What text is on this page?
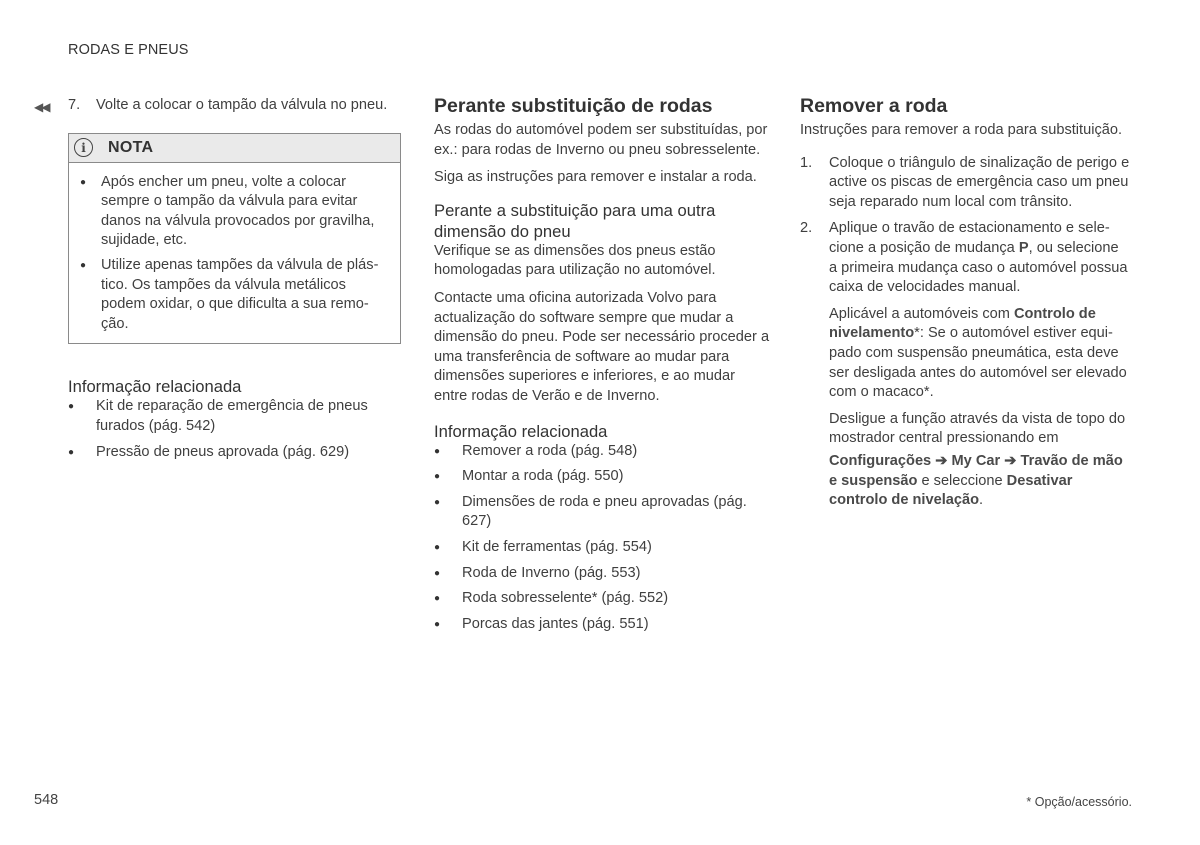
RODAS E PNEUS
◀◀ 7.	Volte a colocar o tampão da válvula no pneu.
i	NOTA
●	Após encher um pneu, volte a colocar sempre o tampão da válvula para evitar danos na válvula provocados por gravilha, sujidade, etc.
●	Utilize apenas tampões da válvula de plástico. Os tampões da válvula metálicos podem oxidar, o que dificulta a sua remoção.
Informação relacionada
●	Kit de reparação de emergência de pneus furados (pág. 542)
●	Pressão de pneus aprovada (pág. 629)
Perante substituição de rodas

As rodas do automóvel podem ser substituídas, por ex.: para rodas de Inverno ou pneu sobresselente.

Siga as instruções para remover e instalar a roda.

Perante a substituição para uma outra dimensão do pneu

Verifique se as dimensões dos pneus estão homologadas para utilização no automóvel.

Contacte uma oficina autorizada Volvo para actualização do software sempre que mudar a dimensão do pneu. Pode ser necessário proceder a uma transferência de software ao mudar para dimensões superiores e inferiores, e ao mudar entre rodas de Verão e de Inverno.

Informação relacionada
●	Remover a roda (pág. 548)
●	Montar a roda (pág. 550)
●	Dimensões de roda e pneu aprovadas (pág. 627)
●	Kit de ferramentas (pág. 554)
●	Roda de Inverno (pág. 553)
●	Roda sobresselente* (pág. 552)
●	Porcas das jantes (pág. 551)
Remover a roda

Instruções para remover a roda para substituição.

1.	Coloque o triângulo de sinalização de perigo e active os piscas de emergência caso um pneu seja reparado num local com trânsito.
2.	Aplique o travão de estacionamento e selecione a posição de mudança P, ou selecione a primeira mudança caso o automóvel possua caixa de velocidades manual.

Aplicável a automóveis com Controlo de nivelamento*: Se o automóvel estiver equipado com suspensão pneumática, esta deve ser desligada antes do automóvel ser elevado com o macaco*.

Desligue a função através da vista de topo do mostrador central pressionando em

Configurações ➔ My Car ➔ Travão de mão e suspensão e seleccione Desativar controlo de nivelação.

548	* Opção/acessório.
